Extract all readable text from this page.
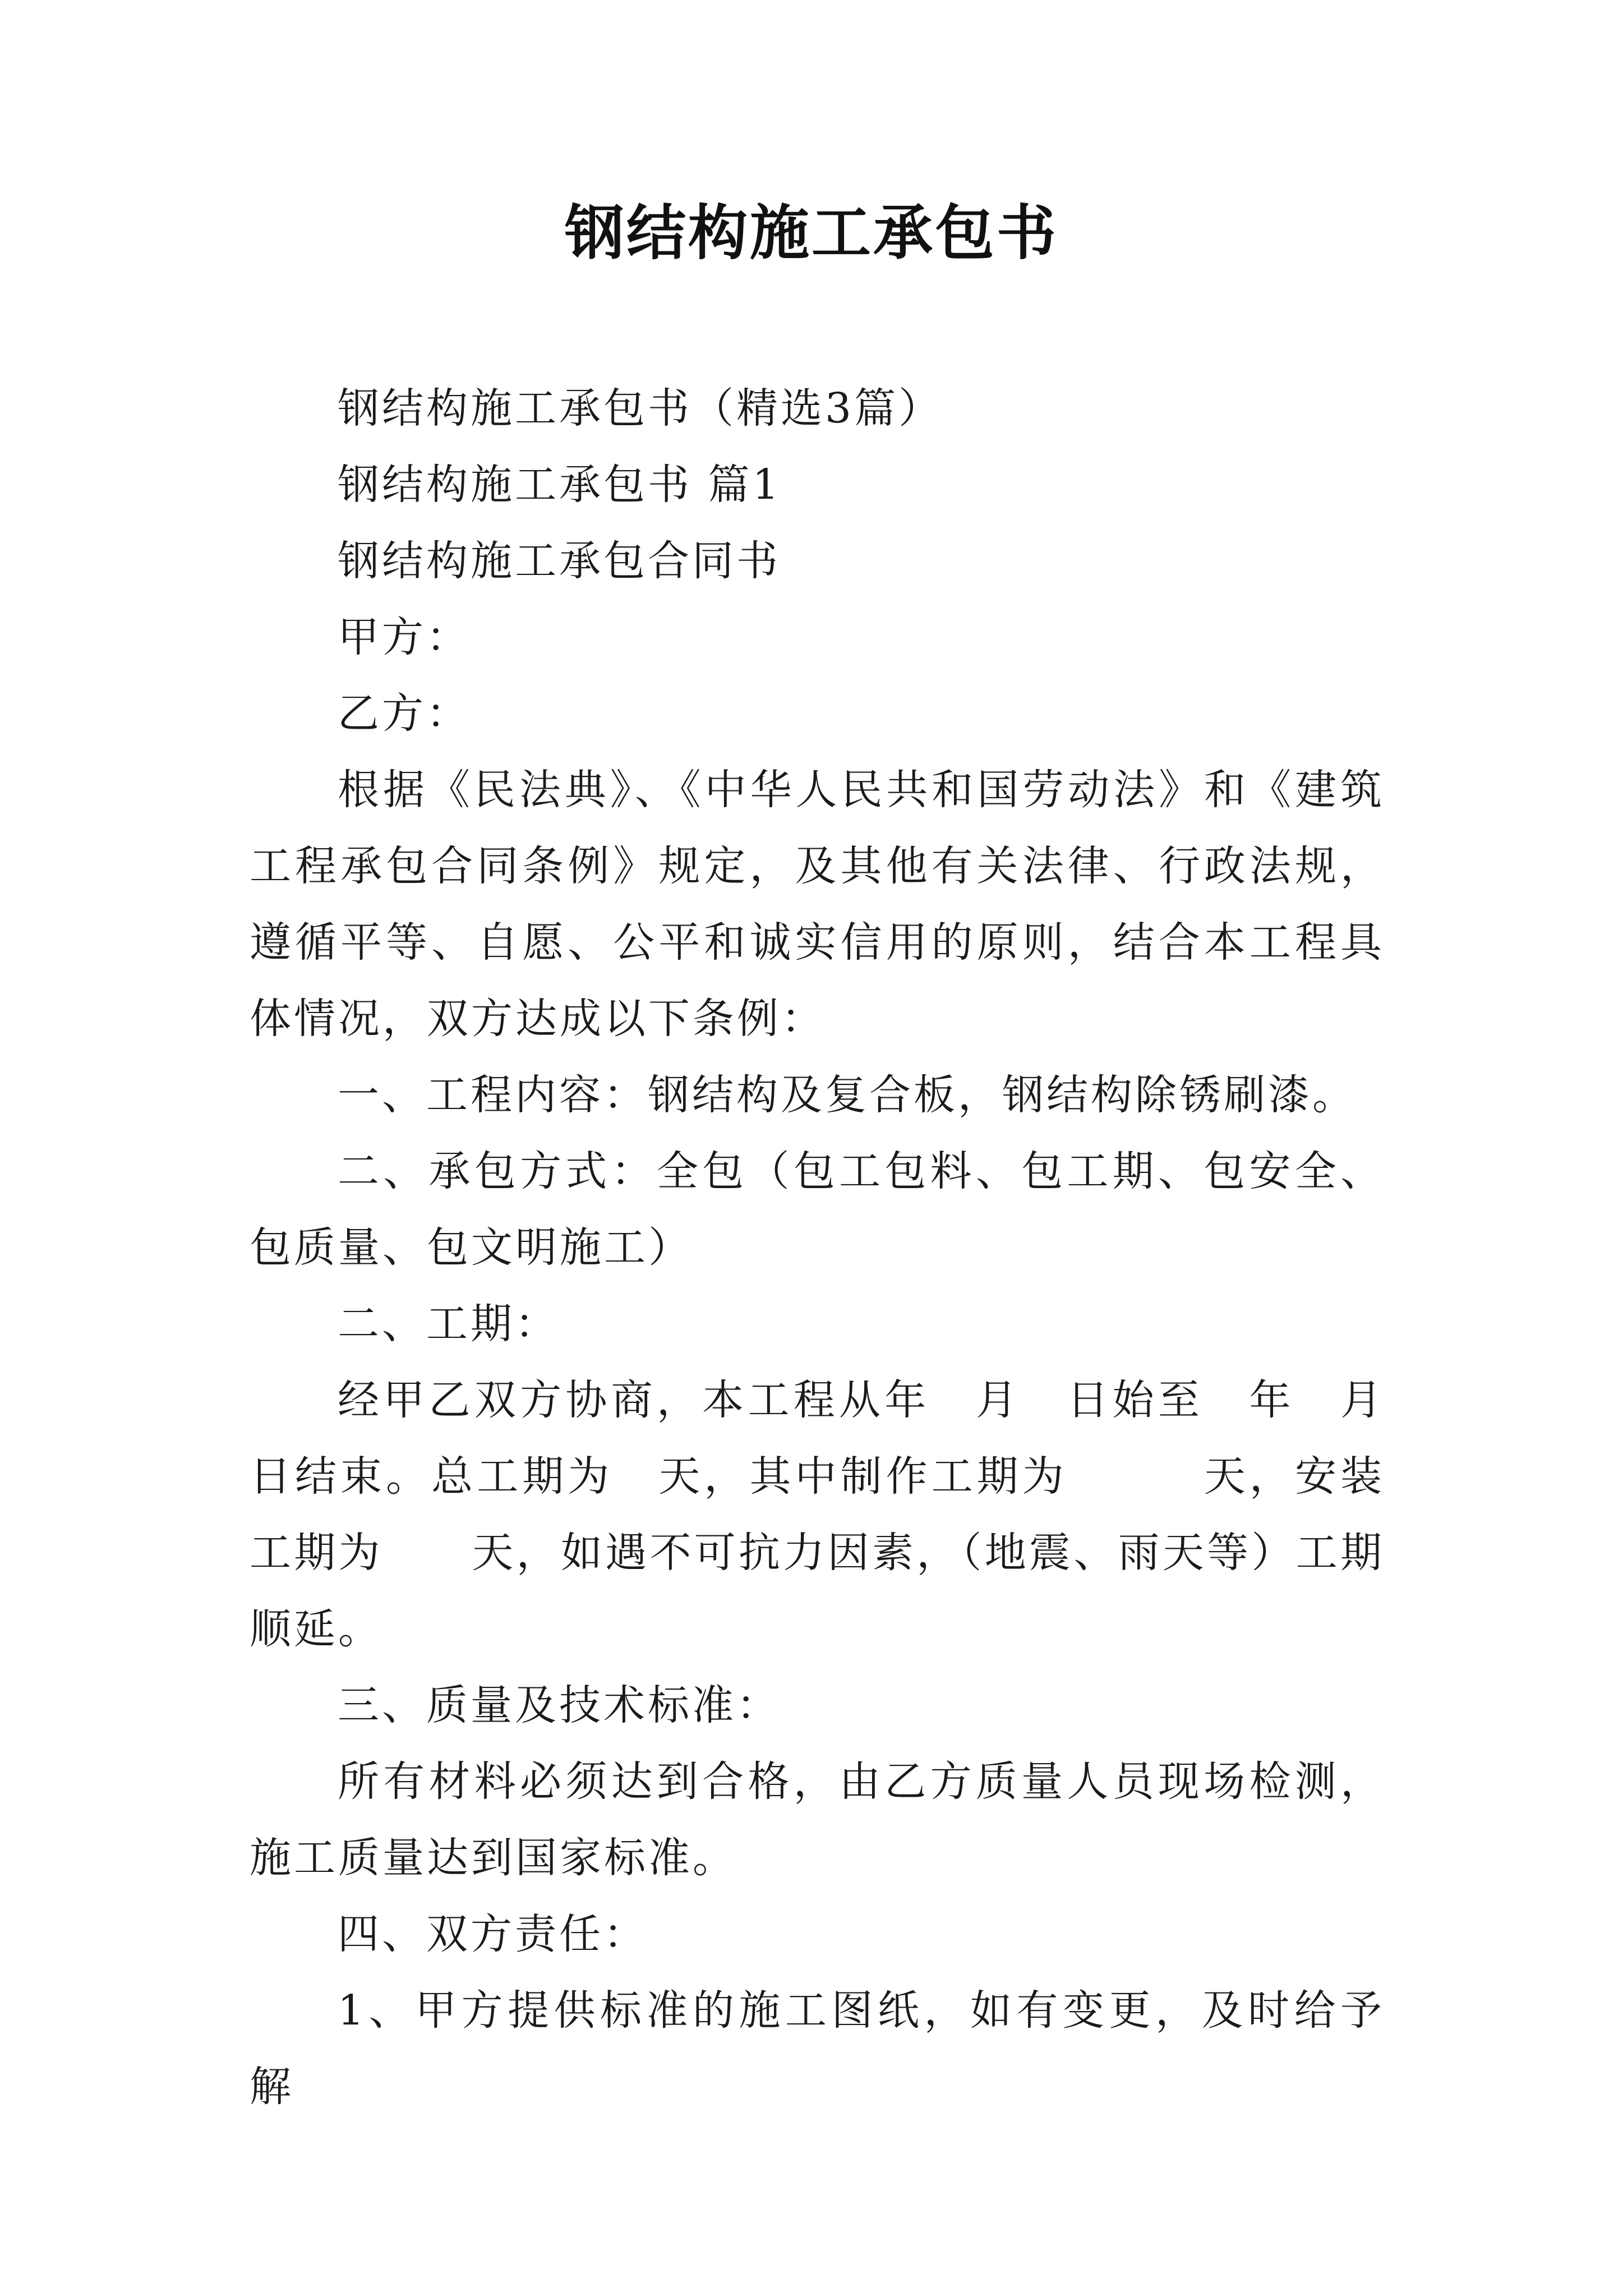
钢结构施工承包书

钢结构施工承包书（精选3篇）

钢结构施工承包书 篇1

钢结构施工承包合同书

甲方：

乙方：

根据《民法典》、《中华人民共和国劳动法》和《建筑工程承包合同条例》规定，及其他有关法律、行政法规，遵循平等、自愿、公平和诚实信用的原则，结合本工程具体情况，双方达成以下条例：

一、工程内容：钢结构及复合板，钢结构除锈刷漆。

二、承包方式：全包（包工包料、包工期、包安全、包质量、包文明施工）

二、工期：

经甲乙双方协商，本工程从年　月　日始至　年　月　日结束。总工期为　天，其中制作工期为　　　天，安装工期为　　天，如遇不可抗力因素，（地震、雨天等）工期顺延。

三、质量及技术标准：

所有材料必须达到合格，由乙方质量人员现场检测，施工质量达到国家标准。

四、双方责任：

1、甲方提供标准的施工图纸，如有变更，及时给予解
